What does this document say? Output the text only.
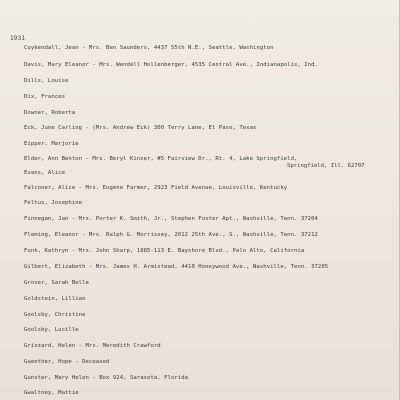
1931
Cuykendall, Jean - Mrs. Ben Saunders, 4437 55th N.E., Seattle, Washington
Davis, Mary Eleanor - Mrs. Wendell Hollenberger, 4535 Central Ave., Indianapolis, Ind.
Dills, Louise
Dix, Frances
Downer, Roberta
Eck, June Carling - (Mrs. Andrew Eck) 300 Terry Lane, El Paso, Texas
Eipper, Marjorie
Elder, Ann Benton - Mrs. Beryl Kinser, #5 Fairview Dr., Rt. 4, Lake Springfield,
Springfield, Ill. 62707
Evans, Alice
Falconer, Alice - Mrs. Eugene Farmer, 2923 Field Avenue, Louisville, Kentucky
Feltus, Josephine
Finnegan, Jan - Mrs. Porter K. Smith, Jr., Stephen Foster Apt., Nashville, Tenn. 37204
Fleming, Eleanor - Mrs. Ralph G. Morrissey, 2012 25th Ave., S., Nashville, Tenn. 37212
Funk, Kathryn - Mrs. John Sharp, 1885-113 E. Bayshore Blvd., Palo Alto, California
Gilbert, Elizabeth - Mrs. James H. Armistead, 4410 Honeywood Ave., Nashville, Tenn. 37205
Grover, Sarah Belle
Goldstein, Lillian
Goolsby, Christine
Goolsby, Lucille
Grizzard, Helen - Mrs. Meredith Crawford
Guenther, Hope - Deceased
Gunster, Mary Helen - Box 924, Sarasota, Florida
Gwaltney, Mattie
